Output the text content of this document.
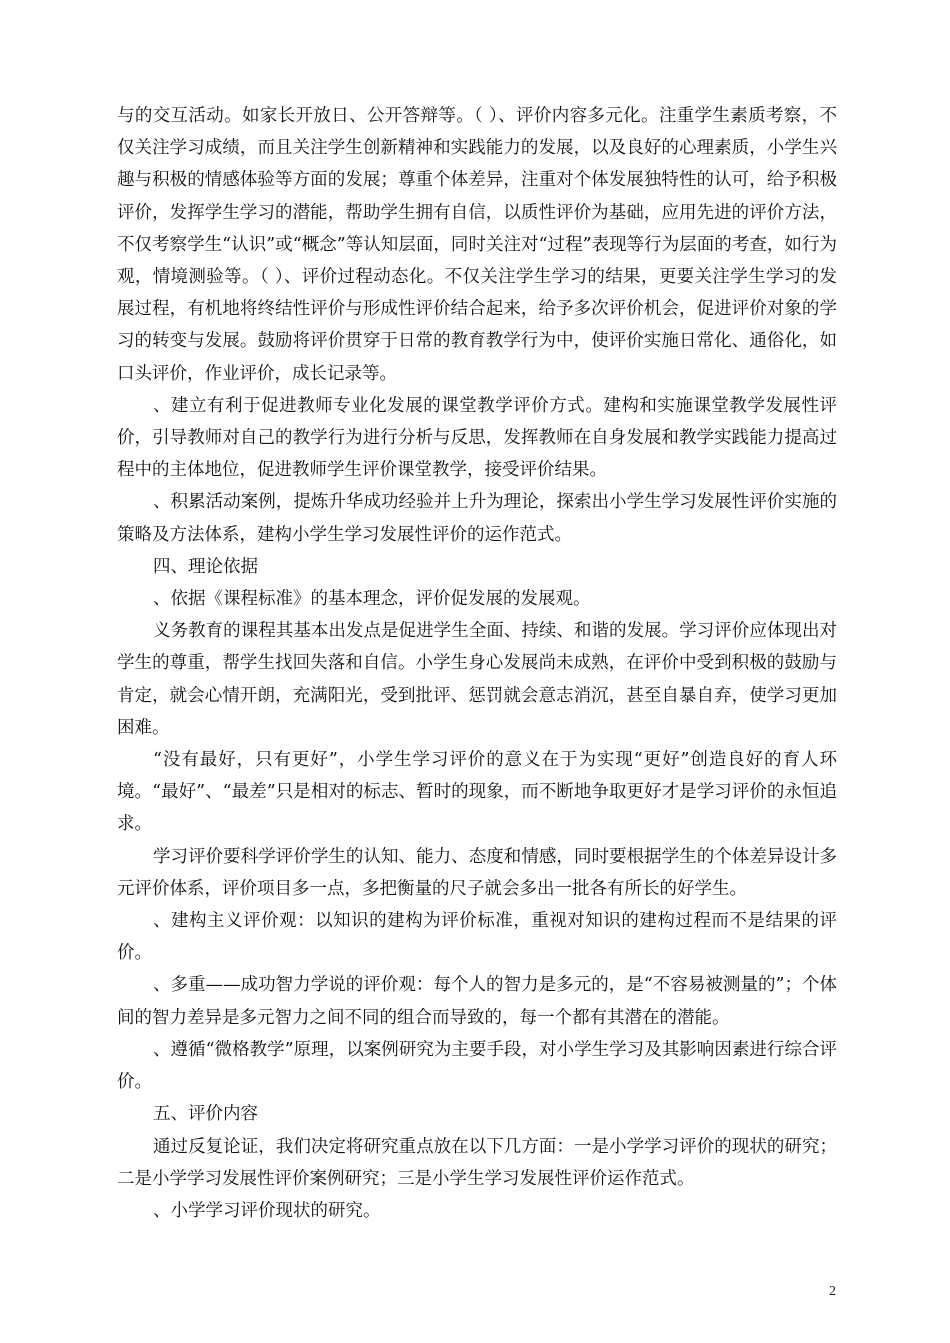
与的交互活动。如家长开放日、公开答辩等。（ ）、评价内容多元化。注重学生素质考察，不仅关注学习成绩，而且关注学生创新精神和实践能力的发展，以及良好的心理素质，小学生兴趣与积极的情感体验等方面的发展；尊重个体差异，注重对个体发展独特性的认可，给予积极评价，发挥学生学习的潜能，帮助学生拥有自信，以质性评价为基础，应用先进的评价方法，不仅考察学生“认识”或“概念”等认知层面，同时关注对“过程”表现等行为层面的考查，如行为观，情境测验等。（ ）、评价过程动态化。不仅关注学生学习的结果，更要关注学生学习的发展过程，有机地将终结性评价与形成性评价结合起来，给予多次评价机会，促进评价对象的学习的转变与发展。鼓励将评价贯穿于日常的教育教学行为中，使评价实施日常化、通俗化，如口头评价，作业评价，成长记录等。

、建立有利于促进教师专业化发展的课堂教学评价方式。建构和实施课堂教学发展性评价，引导教师对自己的教学行为进行分析与反思，发挥教师在自身发展和教学实践能力提高过程中的主体地位，促进教师学生评价课堂教学，接受评价结果。

、积累活动案例，提炼升华成功经验并上升为理论，探索出小学生学习发展性评价实施的策略及方法体系，建构小学生学习发展性评价的运作范式。

四、理论依据

、依据《课程标准》的基本理念，评价促发展的发展观。

义务教育的课程其基本出发点是促进学生全面、持续、和谐的发展。学习评价应体现出对学生的尊重，帮学生找回失落和自信。小学生身心发展尚未成熟，在评价中受到积极的鼓励与肯定，就会心情开朗，充满阳光，受到批评、惩罚就会意志消沉，甚至自暴自弃，使学习更加困难。

“没有最好，只有更好”，小学生学习评价的意义在于为实现“更好”创造良好的育人环境。“最好”、“最差”只是相对的标志、暂时的现象，而不断地争取更好才是学习评价的永恒追求。

学习评价要科学评价学生的认知、能力、态度和情感，同时要根据学生的个体差异设计多元评价体系，评价项目多一点，多把衡量的尺子就会多出一批各有所长的好学生。

、建构主义评价观：以知识的建构为评价标准，重视对知识的建构过程而不是结果的评价。

、多重——成功智力学说的评价观：每个人的智力是多元的，是“不容易被测量的”；个体间的智力差异是多元智力之间不同的组合而导致的，每一个都有其潜在的潜能。

、遵循“微格教学”原理，以案例研究为主要手段，对小学生学习及其影响因素进行综合评价。

五、评价内容

通过反复论证，我们决定将研究重点放在以下几方面：一是小学学习评价的现状的研究；二是小学学习发展性评价案例研究；三是小学生学习发展性评价运作范式。

、小学学习评价现状的研究。

2
